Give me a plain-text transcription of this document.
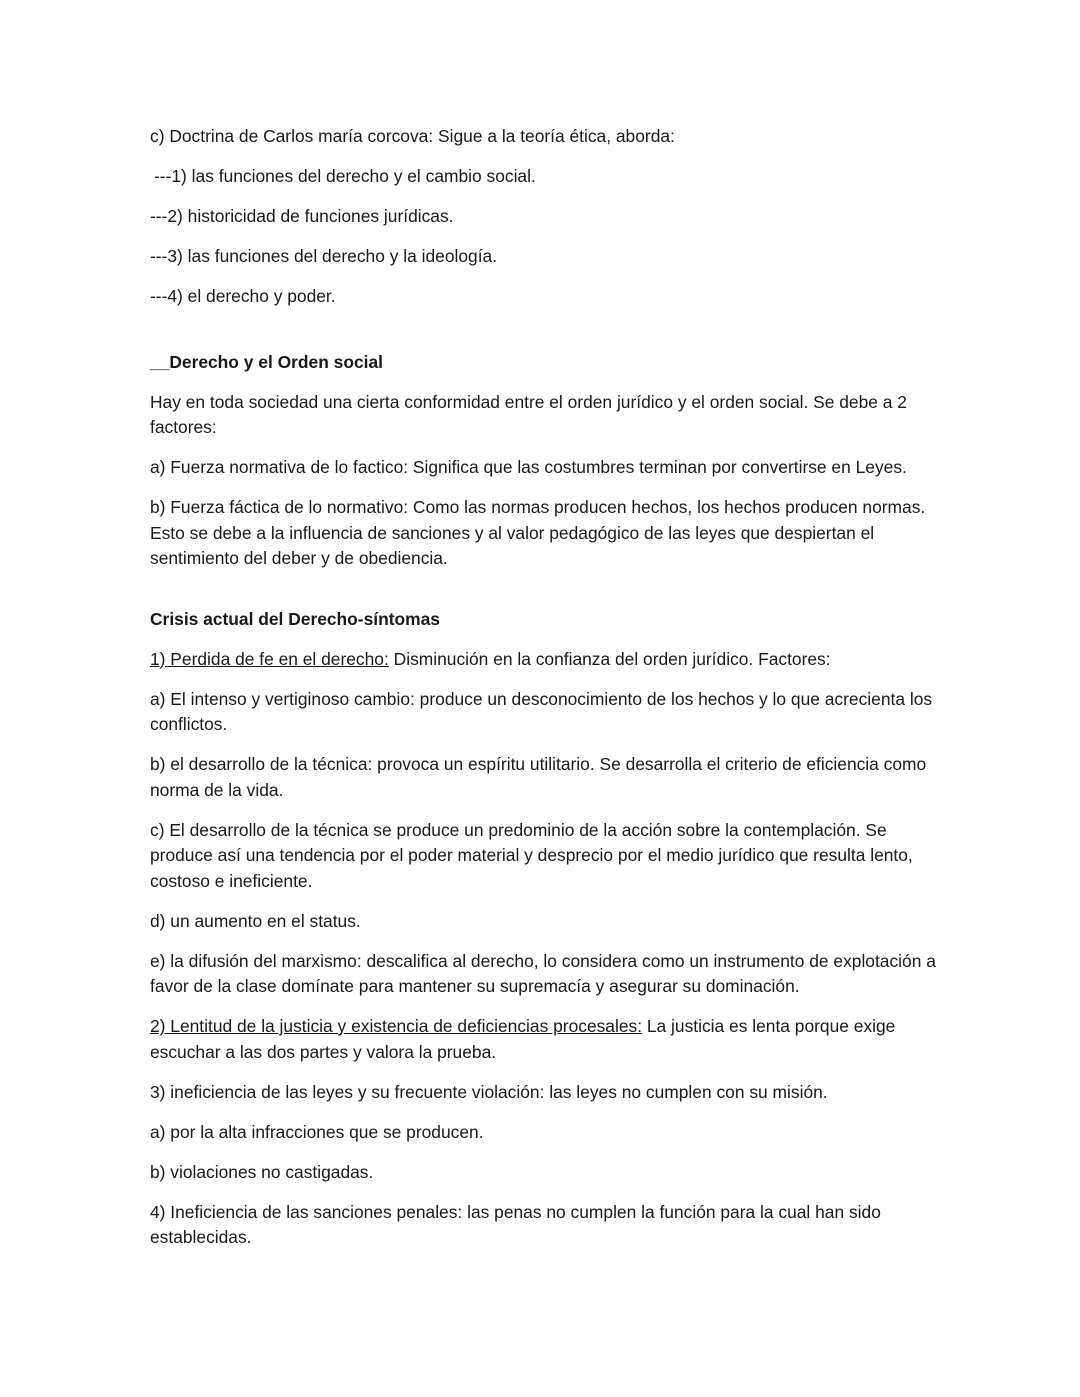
c) Doctrina de Carlos maría corcova: Sigue a la teoría ética, aborda:

---1) las funciones del derecho y el cambio social.

---2) historicidad de funciones jurídicas.

---3) las funciones del derecho y la ideología.

---4) el derecho y poder.

__Derecho y el Orden social

Hay en toda sociedad una cierta conformidad entre el orden jurídico y el orden social. Se debe a 2 factores:

a) Fuerza normativa de lo factico: Significa que las costumbres terminan por convertirse en Leyes.

b) Fuerza fáctica de lo normativo: Como las normas producen hechos, los hechos producen normas. Esto se debe a la influencia de sanciones y al valor pedagógico de las leyes que despiertan el sentimiento del deber y de obediencia.

Crisis actual del Derecho-síntomas

1) Perdida de fe en el derecho: Disminución en la confianza del orden jurídico. Factores:

a) El intenso y vertiginoso cambio: produce un desconocimiento de los hechos y lo que acrecienta los conflictos.

b) el desarrollo de la técnica: provoca un espíritu utilitario. Se desarrolla el criterio de eficiencia como norma de la vida.

c) El desarrollo de la técnica se produce un predominio de la acción sobre la contemplación. Se produce así una tendencia por el poder material y desprecio por el medio jurídico que resulta lento, costoso e ineficiente.

d) un aumento en el status.

e) la difusión del marxismo: descalifica al derecho, lo considera como un instrumento de explotación a favor de la clase domínate para mantener su supremacía y asegurar su dominación.

2) Lentitud de la justicia y existencia de deficiencias procesales: La justicia es lenta porque exige escuchar a las dos partes y valora la prueba.

3) ineficiencia de las leyes y su frecuente violación: las leyes no cumplen con su misión.

a) por la alta infracciones que se producen.

b) violaciones no castigadas.

4) Ineficiencia de las sanciones penales: las penas no cumplen la función para la cual han sido establecidas.
